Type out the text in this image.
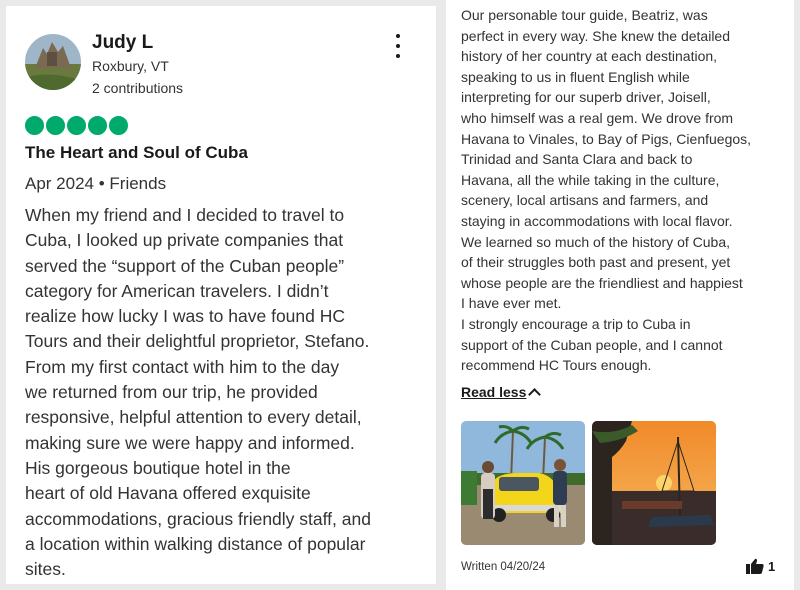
Judy L
Roxbury, VT
2 contributions
The Heart and Soul of Cuba
Apr 2024 • Friends
When my friend and I decided to travel to
Cuba, I looked up private companies that
served the “support of the Cuban people”
category for American travelers. I didn’t
realize how lucky I was to have found HC
Tours and their delightful proprietor, Stefano.
From my first contact with him to the day
we returned from our trip, he provided
responsive, helpful attention to every detail,
making sure we were happy and informed.
His gorgeous boutique hotel in the
heart of old Havana offered exquisite
accommodations, gracious friendly staff, and
a location within walking distance of popular
sites.
Our personable tour guide, Beatriz, was
perfect in every way. She knew the detailed
history of her country at each destination,
speaking to us in fluent English while
interpreting for our superb driver, Joisell,
who himself was a real gem. We drove from
Havana to Vinales, to Bay of Pigs, Cienfuegos,
Trinidad and Santa Clara and back to
Havana, all the while taking in the culture,
scenery, local artisans and farmers, and
staying in accommodations with local flavor.
We learned so much of the history of Cuba,
of their struggles both past and present, yet
whose people are the friendliest and happiest
I have ever met.
I strongly encourage a trip to Cuba in
support of the Cuban people, and I cannot
recommend HC Tours enough.
Read less
Written 04/20/24	1
